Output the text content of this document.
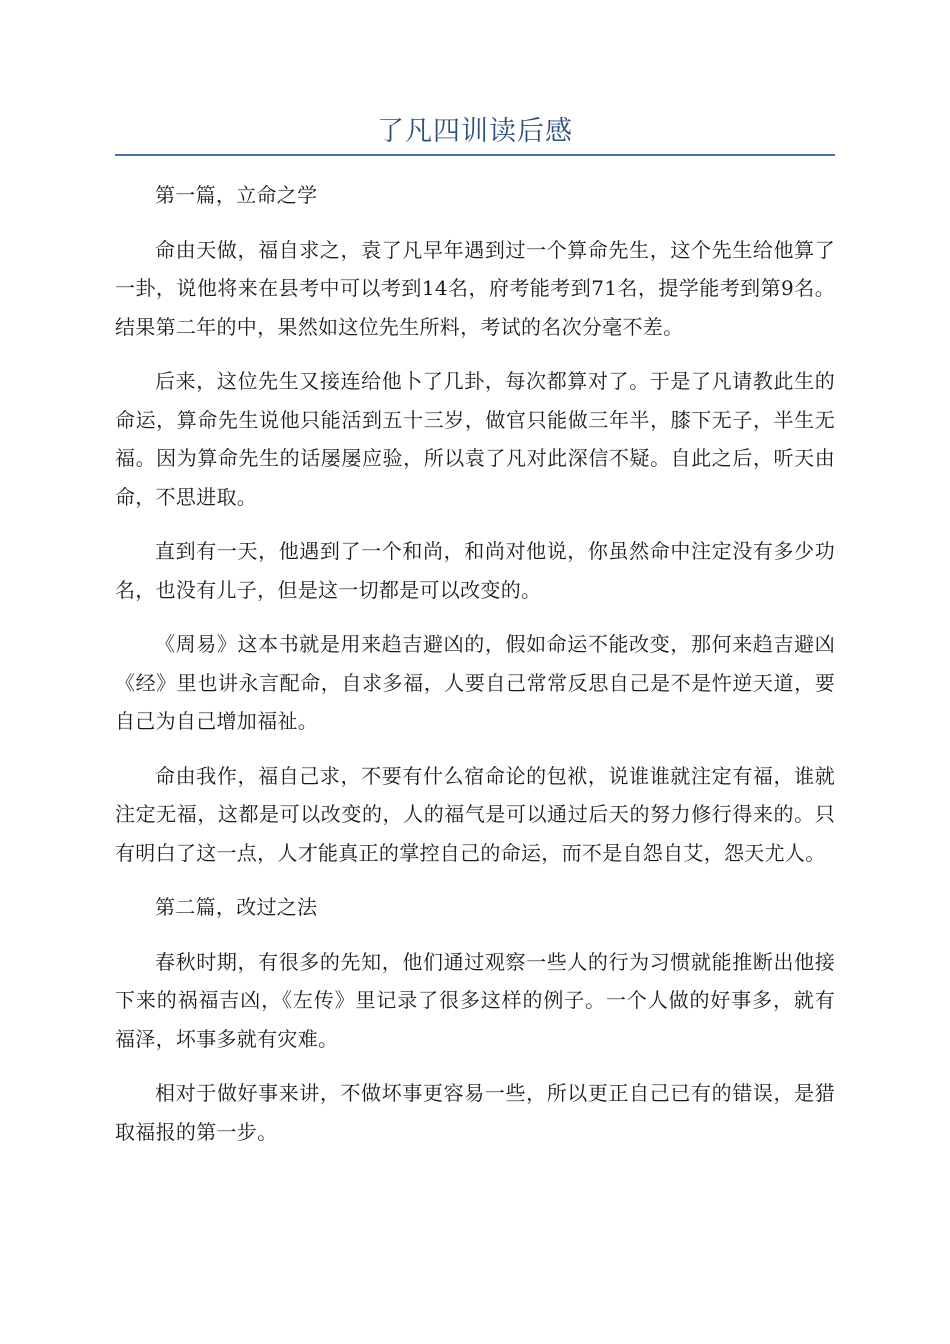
了凡四训读后感

第一篇，立命之学

命由天做，福自求之，袁了凡早年遇到过一个算命先生，这个先生给他算了一卦，说他将来在县考中可以考到14名，府考能考到71名，提学能考到第9名。结果第二年的中，果然如这位先生所料，考试的名次分毫不差。

后来，这位先生又接连给他卜了几卦，每次都算对了。于是了凡请教此生的命运，算命先生说他只能活到五十三岁，做官只能做三年半，膝下无子，半生无福。因为算命先生的话屡屡应验，所以袁了凡对此深信不疑。自此之后，听天由命，不思进取。

直到有一天，他遇到了一个和尚，和尚对他说，你虽然命中注定没有多少功名，也没有儿子，但是这一切都是可以改变的。

《周易》这本书就是用来趋吉避凶的，假如命运不能改变，那何来趋吉避凶《经》里也讲永言配命，自求多福，人要自己常常反思自己是不是忤逆天道，要自己为自己增加福祉。

命由我作，福自己求，不要有什么宿命论的包袱，说谁谁就注定有福，谁就注定无福，这都是可以改变的，人的福气是可以通过后天的努力修行得来的。只有明白了这一点，人才能真正的掌控自己的命运，而不是自怨自艾，怨天尤人。

第二篇，改过之法

春秋时期，有很多的先知，他们通过观察一些人的行为习惯就能推断出他接下来的祸福吉凶，《左传》里记录了很多这样的例子。一个人做的好事多，就有福泽，坏事多就有灾难。

相对于做好事来讲，不做坏事更容易一些，所以更正自己已有的错误，是猎取福报的第一步。
